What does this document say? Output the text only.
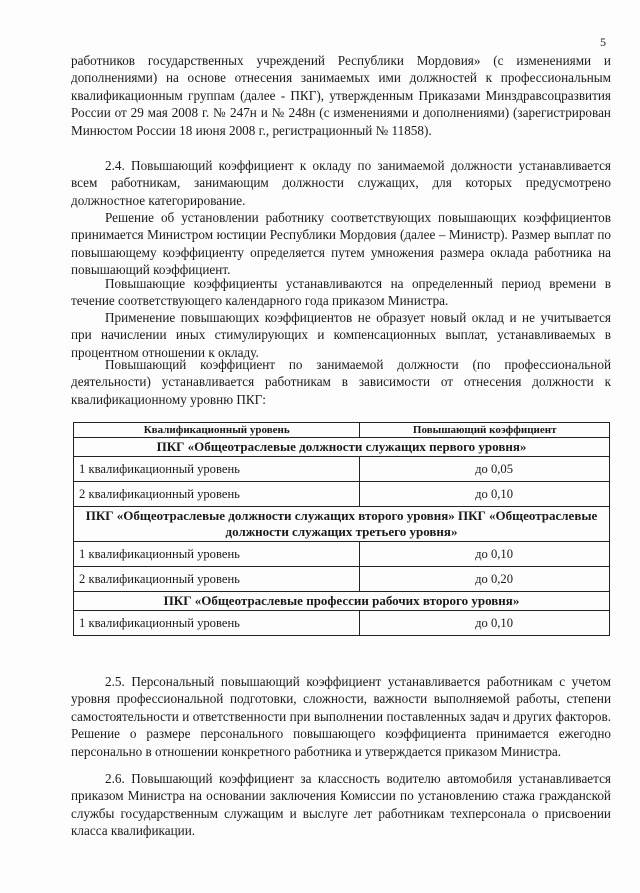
5

работников государственных учреждений Республики Мордовия» (с изменениями и дополнениями) на основе отнесения занимаемых ими должностей к профессиональным квалификационным группам (далее - ПКГ), утвержденным Приказами Минздравсоцразвития России от 29 мая 2008 г. № 247н и № 248н (с изменениями и дополнениями) (зарегистрирован Минюстом России 18 июня 2008 г., регистрационный № 11858).

2.4. Повышающий коэффициент к окладу по занимаемой должности устанавливается всем работникам, занимающим должности служащих, для которых предусмотрено должностное категорирование.

Решение об установлении работнику соответствующих повышающих коэффициентов принимается Министром юстиции Республики Мордовия (далее – Министр). Размер выплат по повышающему коэффициенту определяется путем умножения размера оклада работника на повышающий коэффициент.

Повышающие коэффициенты устанавливаются на определенный период времени в течение соответствующего календарного года приказом Министра.

Применение повышающих коэффициентов не образует новый оклад и не учитывается при начислении иных стимулирующих и компенсационных выплат, устанавливаемых в процентном отношении к окладу.

Повышающий коэффициент по занимаемой должности (по профессиональной деятельности) устанавливается работникам в зависимости от отнесения должности к квалификационному уровню ПКГ:

Квалификационный уровень	Повышающий коэффициент
ПКГ «Общеотраслевые должности служащих первого уровня»	
1 квалификационный уровень	до 0,05
2 квалификационный уровень	до 0,10
ПКГ «Общеотраслевые должности служащих второго уровня» ПКГ «Общеотраслевые должности служащих третьего уровня»	
1 квалификационный уровень	до 0,10
2 квалификационный уровень	до 0,20
ПКГ «Общеотраслевые профессии рабочих второго уровня»	
1 квалификационный уровень	до 0,10

2.5. Персональный повышающий коэффициент устанавливается работникам с учетом уровня профессиональной подготовки, сложности, важности выполняемой работы, степени самостоятельности и ответственности при выполнении поставленных задач и других факторов. Решение о размере персонального повышающего коэффициента принимается ежегодно персонально в отношении конкретного работника и утверждается приказом Министра.

2.6. Повышающий коэффициент за классность водителю автомобиля устанавливается приказом Министра на основании заключения Комиссии по установлению стажа гражданской службы государственным служащим и выслуге лет работникам техперсонала о присвоении класса квалификации.
